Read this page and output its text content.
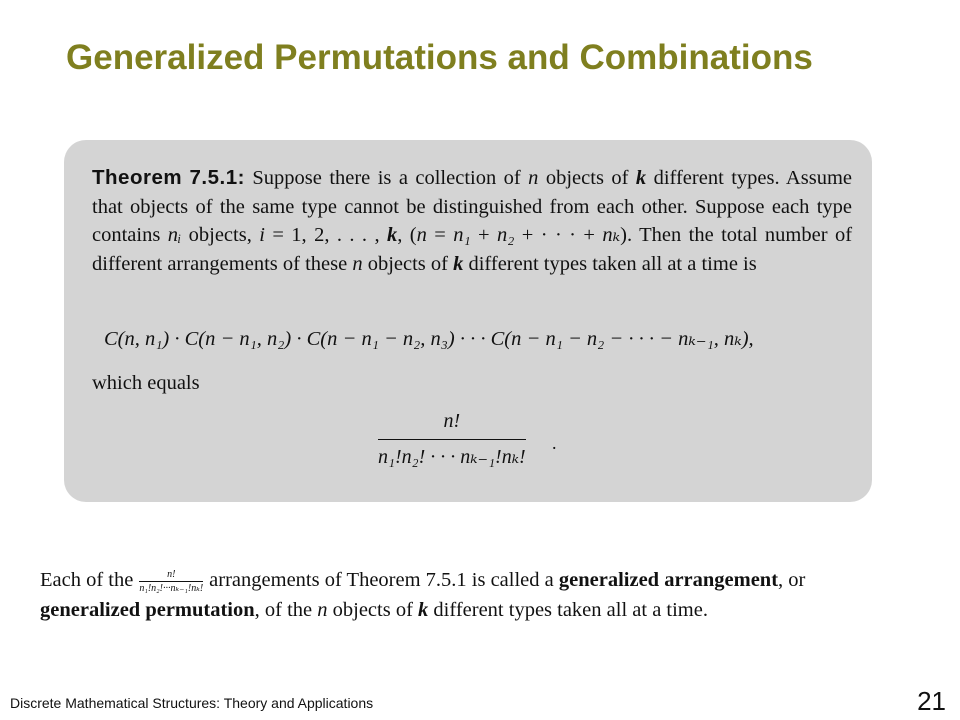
Generalized Permutations and Combinations
Theorem 7.5.1: Suppose there is a collection of n objects of k different types. Assume that objects of the same type cannot be distinguished from each other. Suppose each type contains nᵢ objects, i = 1, 2, . . . , k, (n = n₁ + n₂ + · · · + nₖ). Then the total number of different arrangements of these n objects of k different types taken all at a time is
C(n, n₁) · C(n − n₁, n₂) · C(n − n₁ − n₂, n₃) · · · C(n − n₁ − n₂ − · · · − nₖ₋₁, nₖ),
which equals
$\frac{n!}{\text{n₁!n₂! · · · nₖ₋₁!nₖ!}}$ .
Each of the $\frac{n!}{\text{n₁!n₂!···nₖ₋₁!nₖ!}}$ arrangements of Theorem 7.5.1 is called a generalized arrangement, or generalized permutation, of the n objects of k different types taken all at a time.
Discrete Mathematical Structures: Theory and Applications	21
